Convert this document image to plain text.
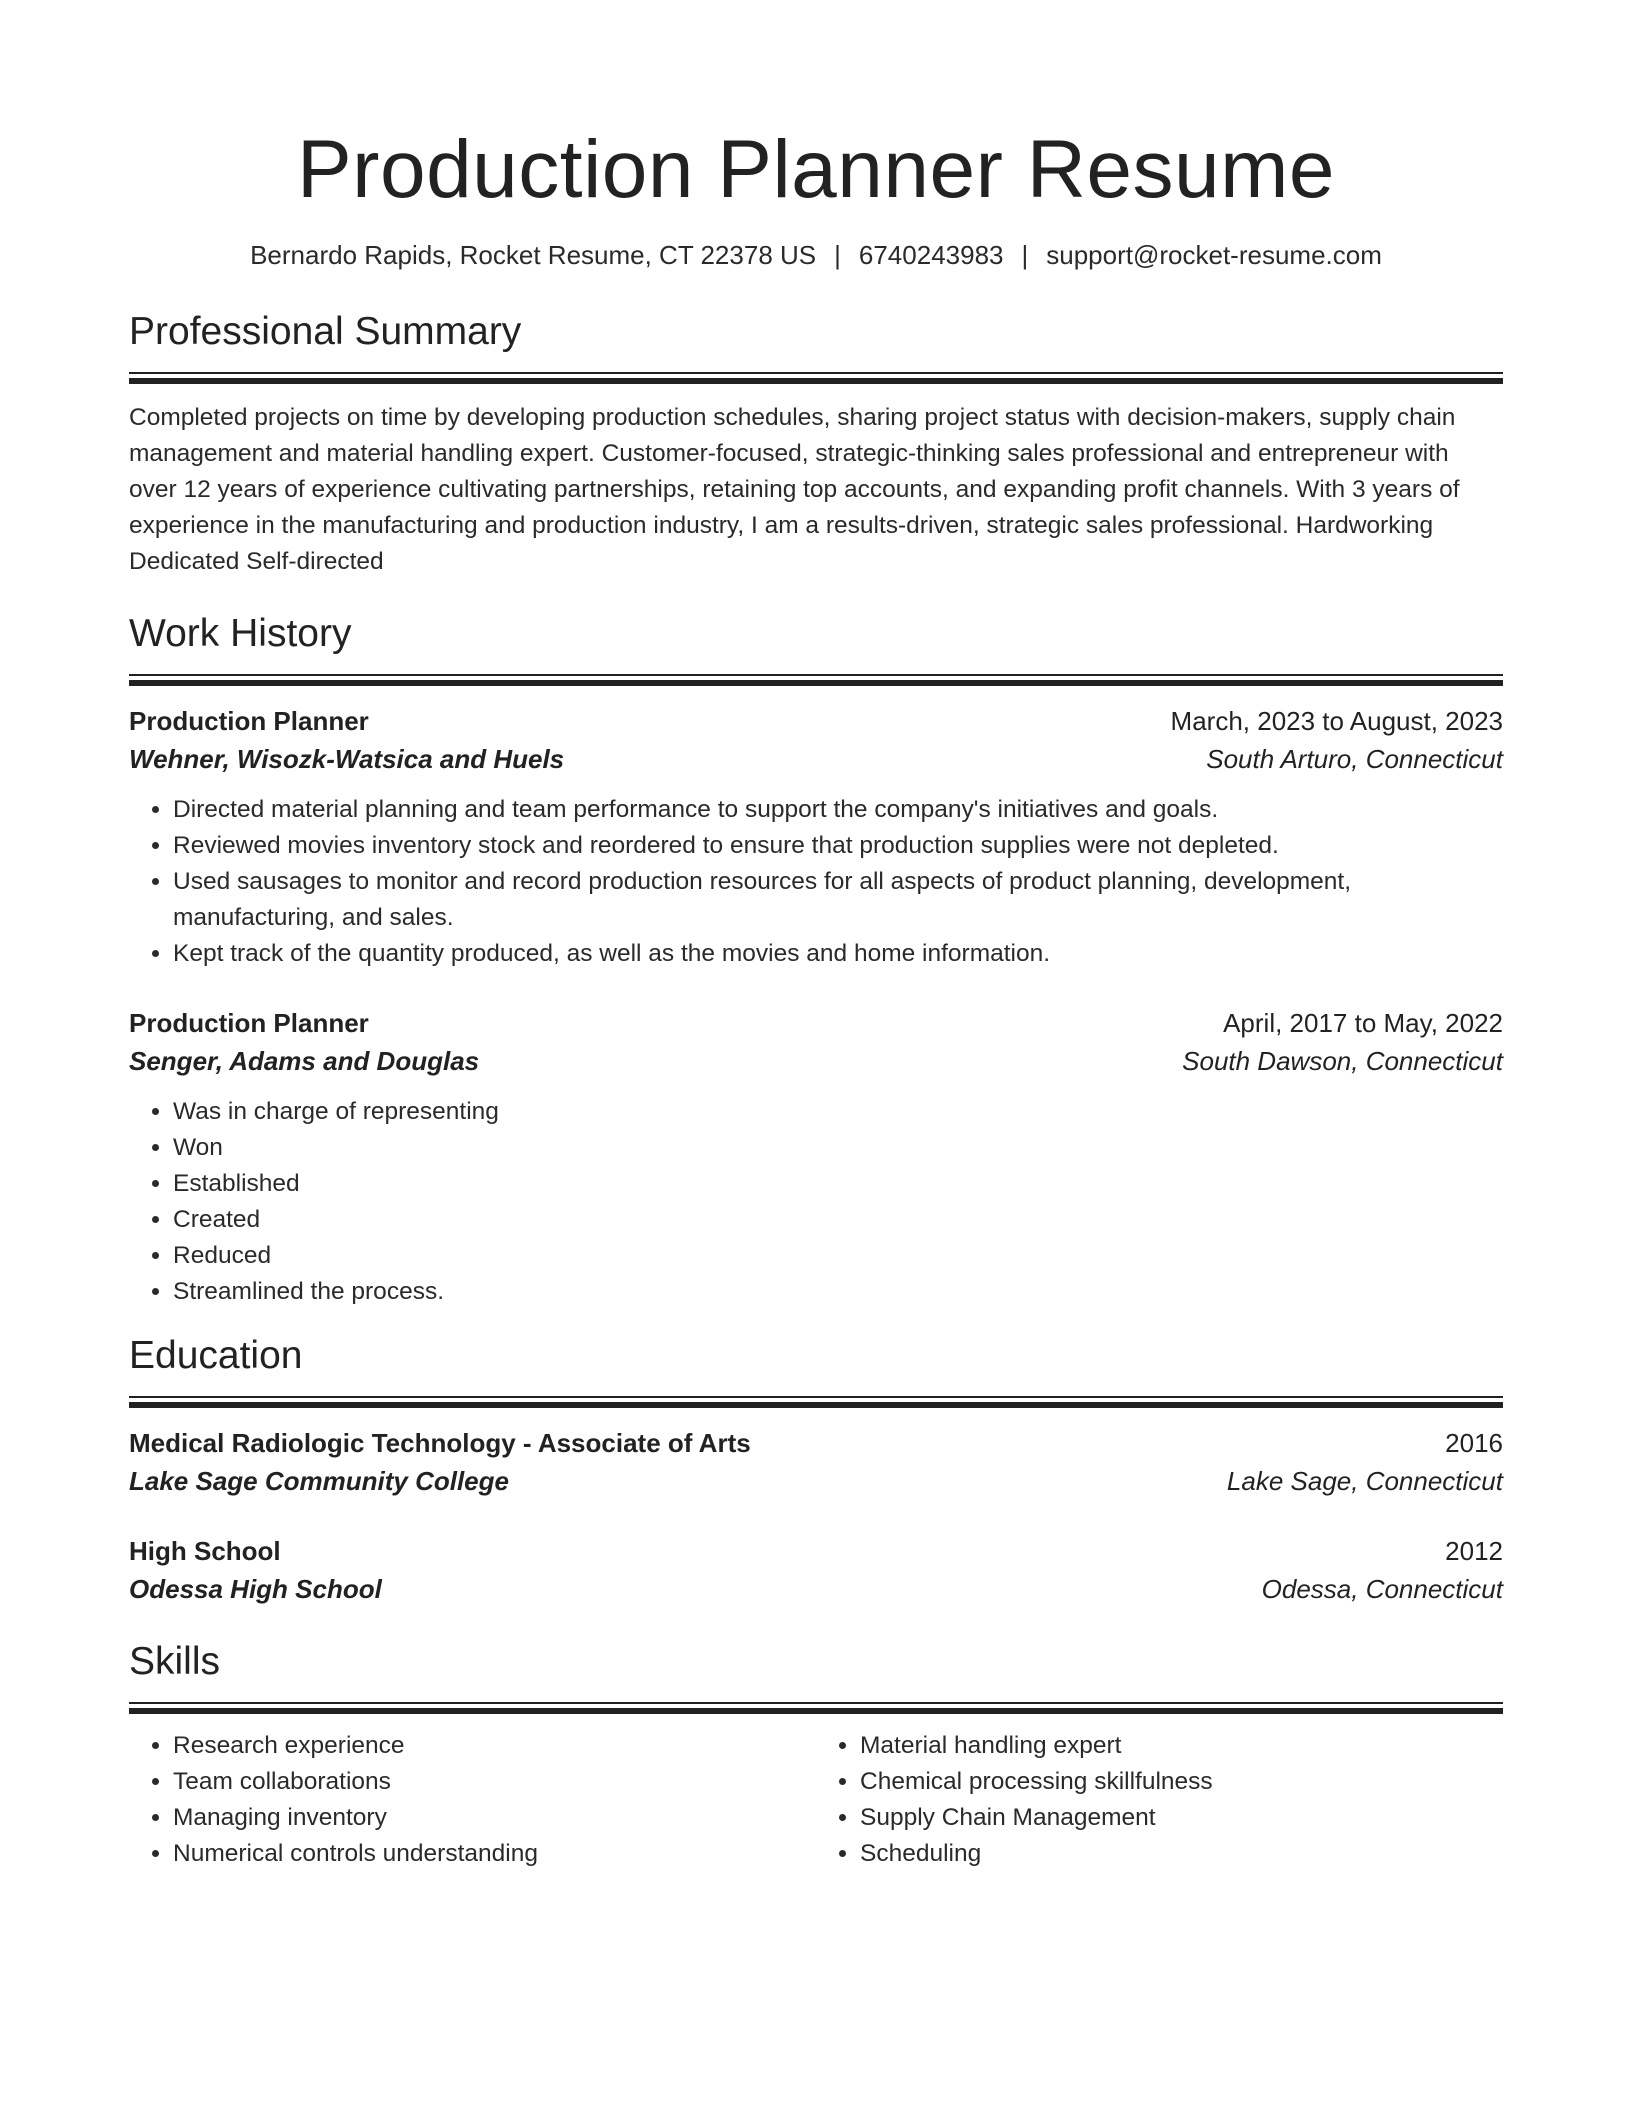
Production Planner Resume
Bernardo Rapids, Rocket Resume, CT 22378 US | 6740243983 | support@rocket-resume.com
Professional Summary

Completed projects on time by developing production schedules, sharing project status with decision-makers, supply chain management and material handling expert. Customer-focused, strategic-thinking sales professional and entrepreneur with over 12 years of experience cultivating partnerships, retaining top accounts, and expanding profit channels. With 3 years of experience in the manufacturing and production industry, I am a results-driven, strategic sales professional. Hardworking Dedicated Self-directed

Work History
Production Planner	March, 2023 to August, 2023
Wehner, Wisozk-Watsica and Huels	South Arturo, Connecticut
• Directed material planning and team performance to support the company's initiatives and goals.
• Reviewed movies inventory stock and reordered to ensure that production supplies were not depleted.
• Used sausages to monitor and record production resources for all aspects of product planning, development, manufacturing, and sales.
• Kept track of the quantity produced, as well as the movies and home information.
Production Planner	April, 2017 to May, 2022
Senger, Adams and Douglas	South Dawson, Connecticut
• Was in charge of representing
• Won
• Established
• Created
• Reduced
• Streamlined the process.
Education
Medical Radiologic Technology - Associate of Arts	2016
Lake Sage Community College	Lake Sage, Connecticut
High School	2012
Odessa High School	Odessa, Connecticut
Skills
• Research experience
• Team collaborations
• Managing inventory
• Numerical controls understanding
• Material handling expert
• Chemical processing skillfulness
• Supply Chain Management
• Scheduling
